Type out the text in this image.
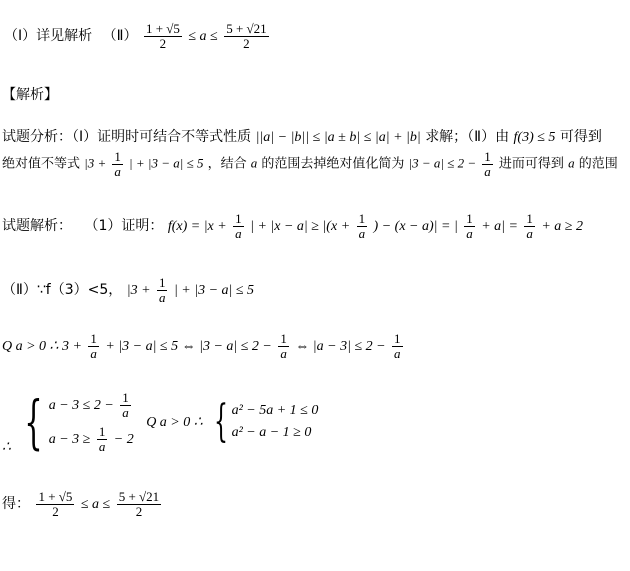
（Ⅰ）详见解析 （Ⅱ） $\frac{1 + √5}{2} \le a \le \frac{5 + √21}{2}$
【解析】
试题分析：（Ⅰ）证明时可结合不等式性质 ||a| − |b|| ≤ |a ± b| ≤ |a| + |b| 求解；（Ⅱ）由 f(3) ≤ 5 可得到
绝对值不等式 $|3 + \frac{1}{a}$ | + |3 − a| ≤ 5 ，结合 a 的范围去掉绝对值化简为 $|3 - a| \le 2 - \frac{1}{a}$ 进而可得到 a 的范围
试题解析： （1）证明： $f(x) = |x + \frac{1}{a}$ | + $|x - a| \ge |(x + \frac{1}{a}$ ) − (x − a)| = | $\frac{1}{a} + a| = \frac{1}{a} + a \ge 2$
（Ⅱ）∵f（3）<5， $|3 + \frac{1}{a}$ | + |3 − a| ≤ 5
Q a > 0 ∴ $3 + \frac{1}{a} + |3 - a| \le 5$ ⇔ $|3 - a| \le 2 - \frac{1}{a}$ ⇔ $|a - 3| \le 2 - \frac{1}{a}$
∴ { $a - 3 \le 2 - \frac{1}{a}$
$a - 3 \ge \frac{1}{a} - 2$
Q a > 0 ∴ { a² − 5a + 1 ≤ 0
a² − a − 1 ≥ 0
得： $\frac{1 + √5}{2} \le a \le \frac{5 + √21}{2}$
